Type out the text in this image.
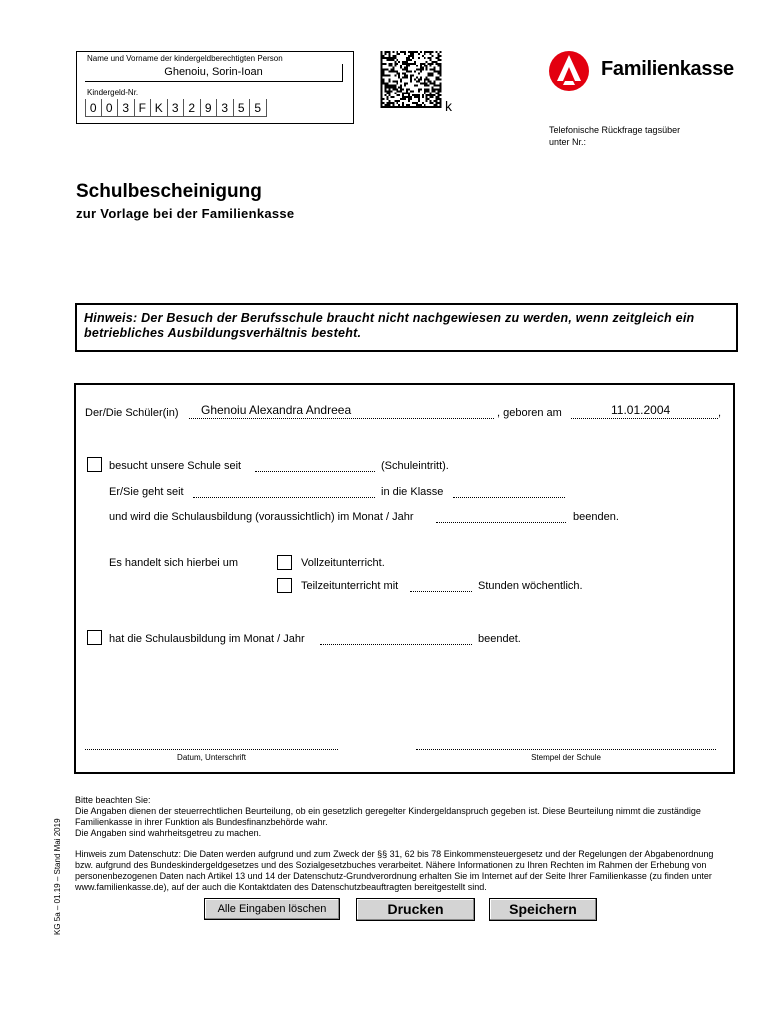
Name und Vorname der kindergeldberechtigten Person
Ghenoiu, Sorin-Ioan
Kindergeld-Nr.
0 0 3 F K 3 2 9 3 5 5	k
Familienkasse
Telefonische Rückfrage tagsüber
unter Nr.:
Schulbescheinigung
zur Vorlage bei der Familienkasse
Hinweis: Der Besuch der Berufsschule braucht nicht nachgewiesen zu werden, wenn zeitgleich ein betriebliches Ausbildungsverhältnis besteht.
Der/Die Schüler(in) Ghenoiu Alexandra Andreea	, geboren am	11.01.2004	,
besucht unsere Schule seit	(Schuleintritt).
Er/Sie geht seit	in die Klasse
und wird die Schulausbildung (voraussichtlich) im Monat / Jahr	beenden.
Es handelt sich hierbei um	Vollzeitunterricht.
Teilzeitunterricht mit	Stunden wöchentlich.
hat die Schulausbildung im Monat / Jahr	beendet.
Datum, Unterschrift	Stempel der Schule

Bitte beachten Sie:

Die Angaben dienen der steuerrechtlichen Beurteilung, ob ein gesetzlich geregelter Kindergeldanspruch gegeben ist. Diese Beurteilung nimmt die zuständige Familienkasse in ihrer Funktion als Bundesfinanzbehörde wahr.

Die Angaben sind wahrheitsgetreu zu machen.

Hinweis zum Datenschutz: Die Daten werden aufgrund und zum Zweck der §§ 31, 62 bis 78 Einkommensteuergesetz und der Regelungen der Abgabenordnung bzw. aufgrund des Bundeskindergeldgesetzes und des Sozialgesetzbuches verarbeitet. Nähere Informationen zu Ihren Rechten im Rahmen der Erhebung von personenbezogenen Daten nach Artikel 13 und 14 der Datenschutz-Grundverordnung erhalten Sie im Internet auf der Seite Ihrer Familienkasse (zu finden unter www.familienkasse.de), auf der auch die Kontaktdaten des Datenschutzbeauftragten bereitgestellt sind.

KG 5a – 01.19 – Stand Mai 2019	Alle Eingaben löschen	Drucken	Speichern
